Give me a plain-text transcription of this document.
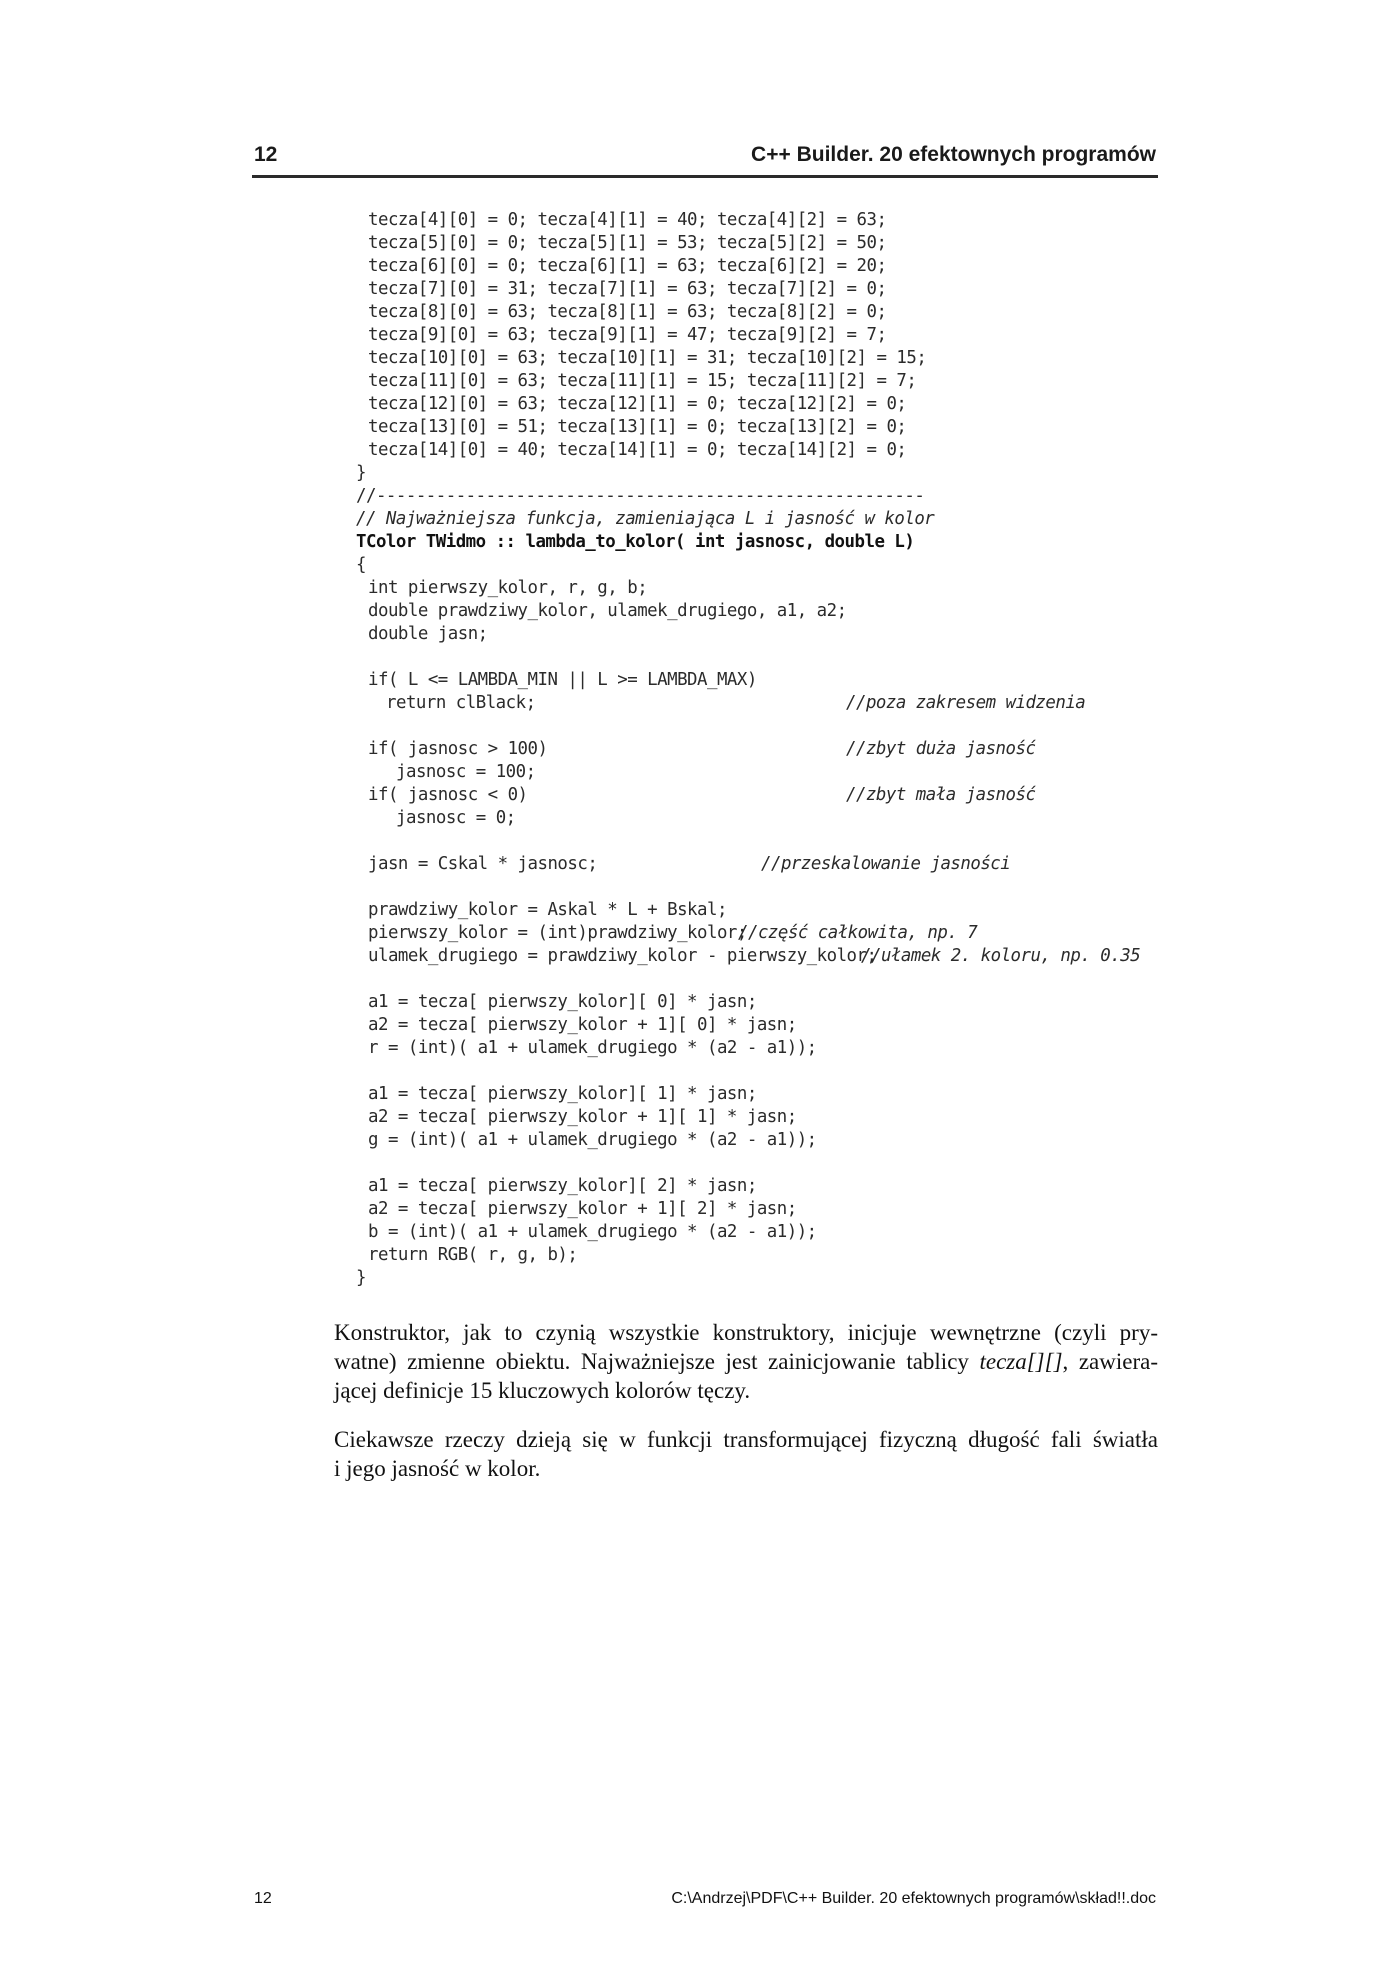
12	C++ Builder. 20 efektownych programów
tecza[4][0] = 0; tecza[4][1] = 40; tecza[4][2] = 63;
tecza[5][0] = 0; tecza[5][1] = 53; tecza[5][2] = 50;
tecza[6][0] = 0; tecza[6][1] = 63; tecza[6][2] = 20;
tecza[7][0] = 31; tecza[7][1] = 63; tecza[7][2] = 0;
tecza[8][0] = 63; tecza[8][1] = 63; tecza[8][2] = 0;
tecza[9][0] = 63; tecza[9][1] = 47; tecza[9][2] = 7;
tecza[10][0] = 63; tecza[10][1] = 31; tecza[10][2] = 15;
tecza[11][0] = 63; tecza[11][1] = 15; tecza[11][2] = 7;
tecza[12][0] = 63; tecza[12][1] = 0; tecza[12][2] = 0;
tecza[13][0] = 51; tecza[13][1] = 0; tecza[13][2] = 0;
tecza[14][0] = 40; tecza[14][1] = 0; tecza[14][2] = 0;
}
//-------------------------------------------------------
// Najważniejsza funkcja, zamieniająca L i jasność w kolor
TColor TWidmo :: lambda_to_kolor( int jasnosc, double L)
{
int pierwszy_kolor, r, g, b;
double prawdziwy_kolor, ulamek_drugiego, a1, a2;
double jasn;
if( L <= LAMBDA_MIN || L >= LAMBDA_MAX)
return clBlack;	//poza zakresem widzenia
if( jasnosc > 100)	//zbyt duża jasność
jasnosc = 100;
if( jasnosc < 0)	//zbyt mała jasność
jasnosc = 0;
jasn = Cskal * jasnosc;	//przeskalowanie jasności
prawdziwy_kolor = Askal * L + Bskal;
pierwszy_kolor = (int)prawdziwy_kolor;
//część całkowita, np. 7
ulamek_drugiego = prawdziwy_kolor - pierwszy_kolor;
//ułamek 2. koloru, np. 0.35
a1 = tecza[ pierwszy_kolor][ 0] * jasn;
a2 = tecza[ pierwszy_kolor + 1][ 0] * jasn;
r = (int)( a1 + ulamek_drugiego * (a2 - a1));
a1 = tecza[ pierwszy_kolor][ 1] * jasn;
a2 = tecza[ pierwszy_kolor + 1][ 1] * jasn;
g = (int)( a1 + ulamek_drugiego * (a2 - a1));
a1 = tecza[ pierwszy_kolor][ 2] * jasn;
a2 = tecza[ pierwszy_kolor + 1][ 2] * jasn;
b = (int)( a1 + ulamek_drugiego * (a2 - a1));
return RGB( r, g, b);
}

Konstruktor, jak to czynią wszystkie konstruktory, inicjuje wewnętrzne (czyli pry-
watne) zmienne obiektu. Najważniejsze jest zainicjowanie tablicy tecza[][], zawiera-
jącej definicje 15 kluczowych kolorów tęczy.

Ciekawsze rzeczy dzieją się w funkcji transformującej fizyczną długość fali światła
i jego jasność w kolor.

12	C:\Andrzej\PDF\C++ Builder. 20 efektownych programów\skład!!.doc
